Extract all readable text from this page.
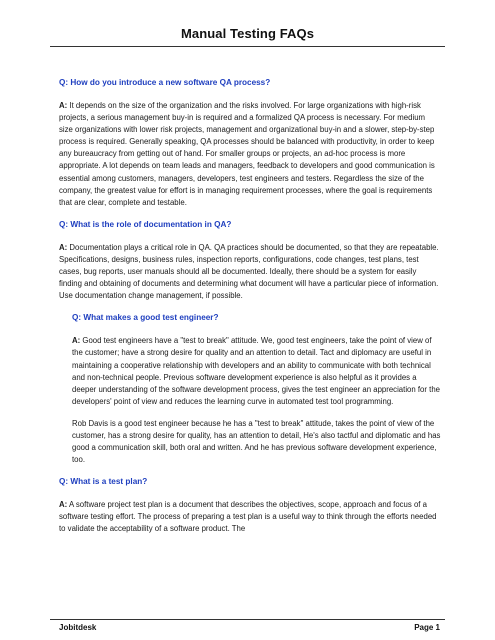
Manual Testing FAQs

Q: How do you introduce a new software QA process?

A: It depends on the size of the organization and the risks involved. For large organizations with high-risk projects, a serious management buy-in is required and a formalized QA process is necessary. For medium size organizations with lower risk projects, management and organizational buy-in and a slower, step-by-step process is required. Generally speaking, QA processes should be balanced with productivity, in order to keep any bureaucracy from getting out of hand. For smaller groups or projects, an ad-hoc process is more appropriate. A lot depends on team leads and managers, feedback to developers and good communication is essential among customers, managers, developers, test engineers and testers. Regardless the size of the company, the greatest value for effort is in managing requirement processes, where the goal is requirements that are clear, complete and testable.

Q: What is the role of documentation in QA?

A: Documentation plays a critical role in QA. QA practices should be documented, so that they are repeatable. Specifications, designs, business rules, inspection reports, configurations, code changes, test plans, test cases, bug reports, user manuals should all be documented. Ideally, there should be a system for easily finding and obtaining of documents and determining what document will have a particular piece of information. Use documentation change management, if possible.

Q: What makes a good test engineer?

A: Good test engineers have a "test to break" attitude. We, good test engineers, take the point of view of the customer; have a strong desire for quality and an attention to detail. Tact and diplomacy are useful in maintaining a cooperative relationship with developers and an ability to communicate with both technical and non-technical people. Previous software development experience is also helpful as it provides a deeper understanding of the software development process, gives the test engineer an appreciation for the developers' point of view and reduces the learning curve in automated test tool programming.

Rob Davis is a good test engineer because he has a "test to break" attitude, takes the point of view of the customer, has a strong desire for quality, has an attention to detail, He's also tactful and diplomatic and has good a communication skill, both oral and written. And he has previous software development experience, too.

Q: What is a test plan?

A: A software project test plan is a document that describes the objectives, scope, approach and focus of a software testing effort. The process of preparing a test plan is a useful way to think through the efforts needed to validate the acceptability of a software product. The

Jobitdesk	Page 1
